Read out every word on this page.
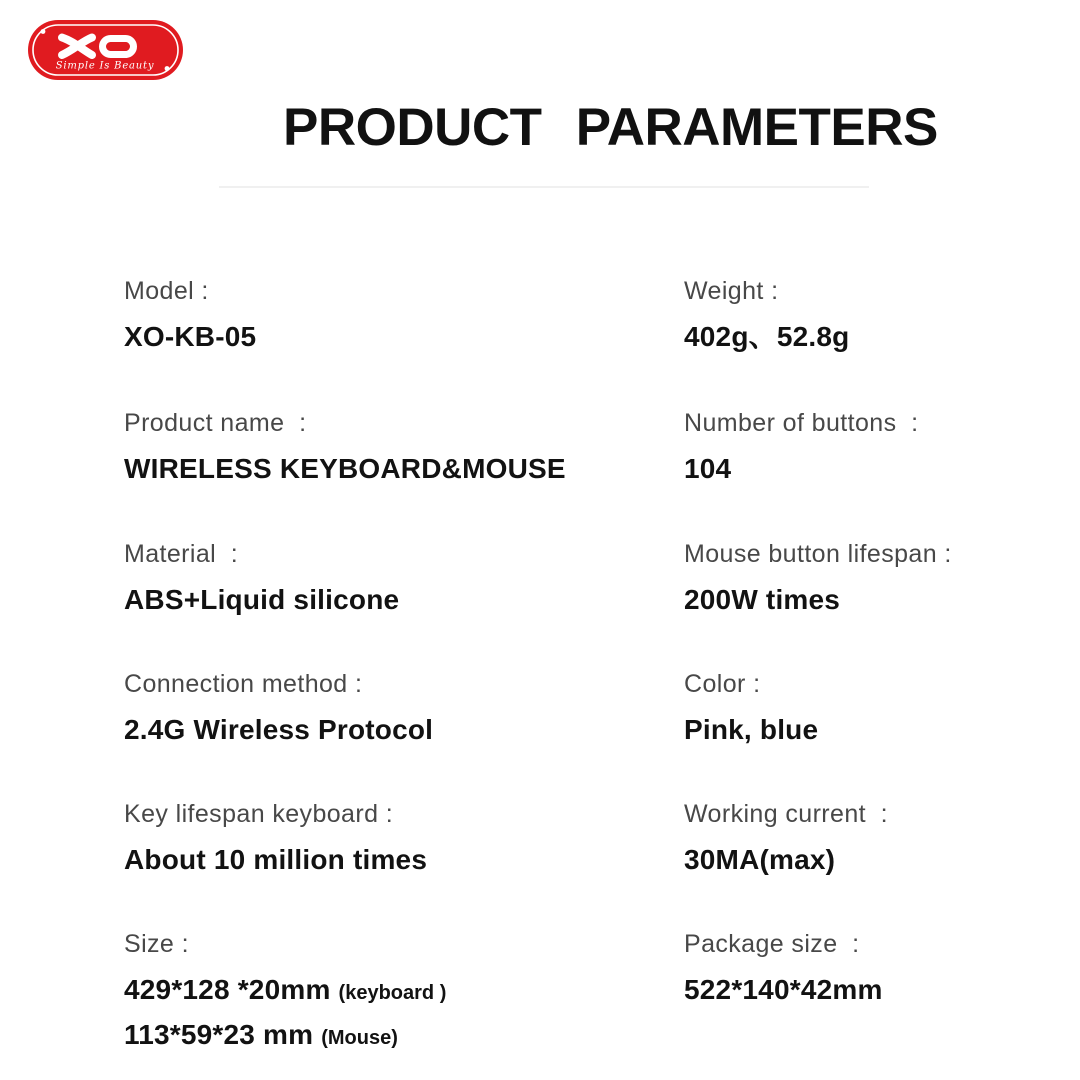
Simple Is Beauty
PRODUCT PARAMETERS
Model :
XO-KB-05
Product name  :
WIRELESS KEYBOARD&MOUSE
Material  :
ABS+Liquid silicone
Connection method :
2.4G Wireless Protocol
Key lifespan keyboard :
About 10 million times
Size :
429*128 *20mm (keyboard )
113*59*23 mm (Mouse)
Weight :
402g、52.8g
Number of buttons  :
104
Mouse button lifespan :
200W times
Color :
Pink, blue
Working current  :
30MA(max)
Package size  :
522*140*42mm
